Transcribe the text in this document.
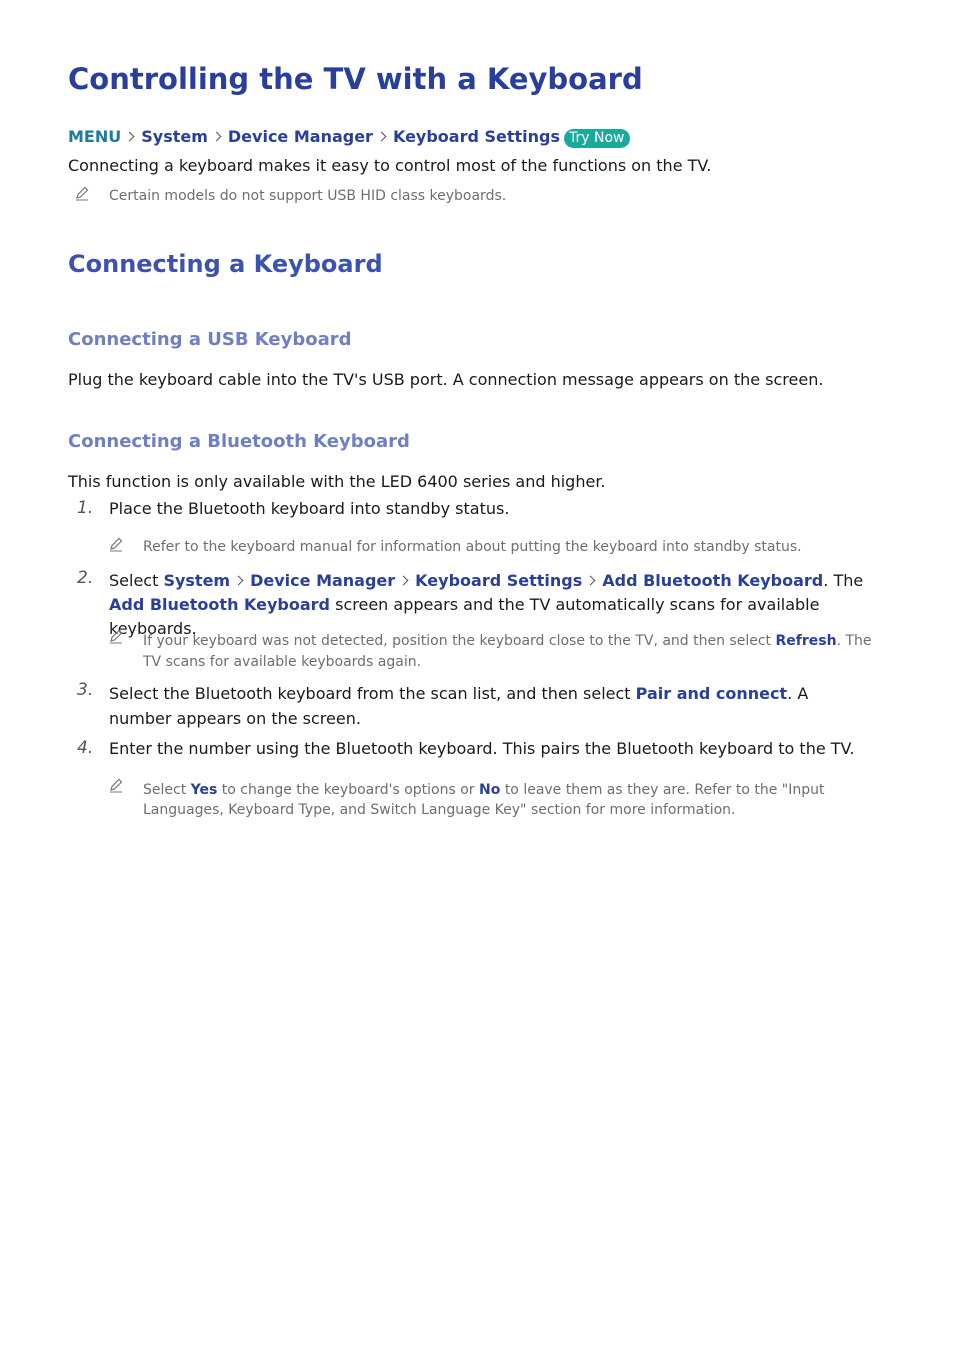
Controlling the TV with a Keyboard
MENU System Device Manager Keyboard Settings Try Now

Connecting a keyboard makes it easy to control most of the functions on the TV.

Certain models do not support USB HID class keyboards.

Connecting a Keyboard
Connecting a USB Keyboard

Plug the keyboard cable into the TV's USB port. A connection message appears on the screen.

Connecting a Bluetooth Keyboard

This function is only available with the LED 6400 series and higher.

1. Place the Bluetooth keyboard into standby status.

Refer to the keyboard manual for information about putting the keyboard into standby status.

2. Select System Device Manager Keyboard Settings Add Bluetooth Keyboard. The Add Bluetooth Keyboard screen appears and the TV automatically scans for available keyboards.
If your keyboard was not detected, position the keyboard close to the TV, and then select Refresh. The TV scans for available keyboards again.
3. Select the Bluetooth keyboard from the scan list, and then select Pair and connect. A number appears on the screen.
4. Enter the number using the Bluetooth keyboard. This pairs the Bluetooth keyboard to the TV.

Select Yes to change the keyboard's options or No to leave them as they are. Refer to the "Input Languages, Keyboard Type, and Switch Language Key" section for more information.
